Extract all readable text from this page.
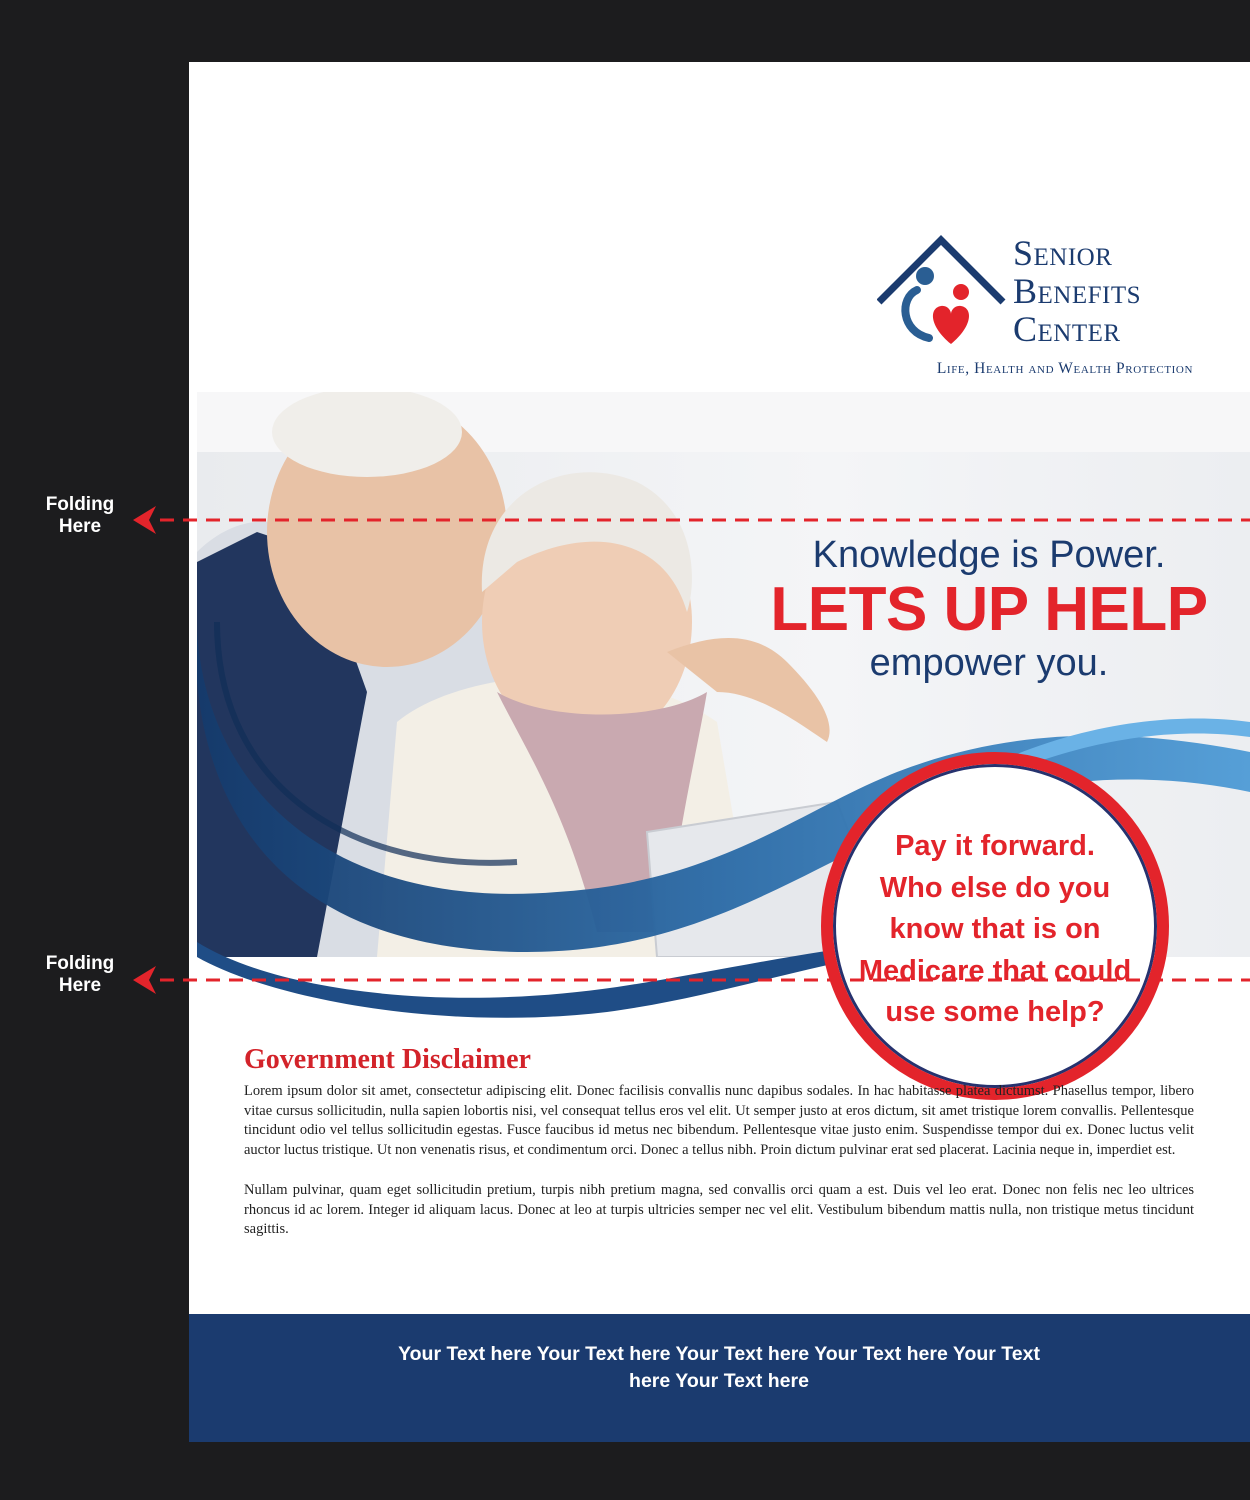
Folding
Here
Folding
Here
Senior
Benefits
Center
Life, Health and Wealth Protection
Knowledge is Power.
LETS UP HELP
empower you.
Pay it forward.
Who else do you
know that is on
Medicare that could
use some help?
Government Disclaimer

Lorem ipsum dolor sit amet, consectetur adipiscing elit. Donec facilisis convallis nunc dapibus sodales. In hac habitasse platea dictumst. Phasellus tempor, libero vitae cursus sollicitudin, nulla sapien lobortis nisi, vel consequat tellus eros vel elit. Ut semper justo at eros dictum, sit amet tristique lorem convallis. Pellentesque tincidunt odio vel tellus sollicitudin egestas. Fusce faucibus id metus nec bibendum. Pellentesque vitae justo enim. Suspendisse tempor dui ex. Donec luctus velit auctor luctus tristique. Ut non venenatis risus, et condimentum orci. Donec a tellus nibh. Proin dictum pulvinar erat sed placerat. Lacinia neque in, imperdiet est.

Nullam pulvinar, quam eget sollicitudin pretium, turpis nibh pretium magna, sed convallis orci quam a est. Duis vel leo erat. Donec non felis nec leo ultrices rhoncus id ac lorem. Integer id aliquam lacus. Donec at leo at turpis ultricies semper nec vel elit. Vestibulum bibendum mattis nulla, non tristique metus tincidunt sagittis.

Your Text here Your Text here Your Text here Your Text here Your Text here Your Text here
